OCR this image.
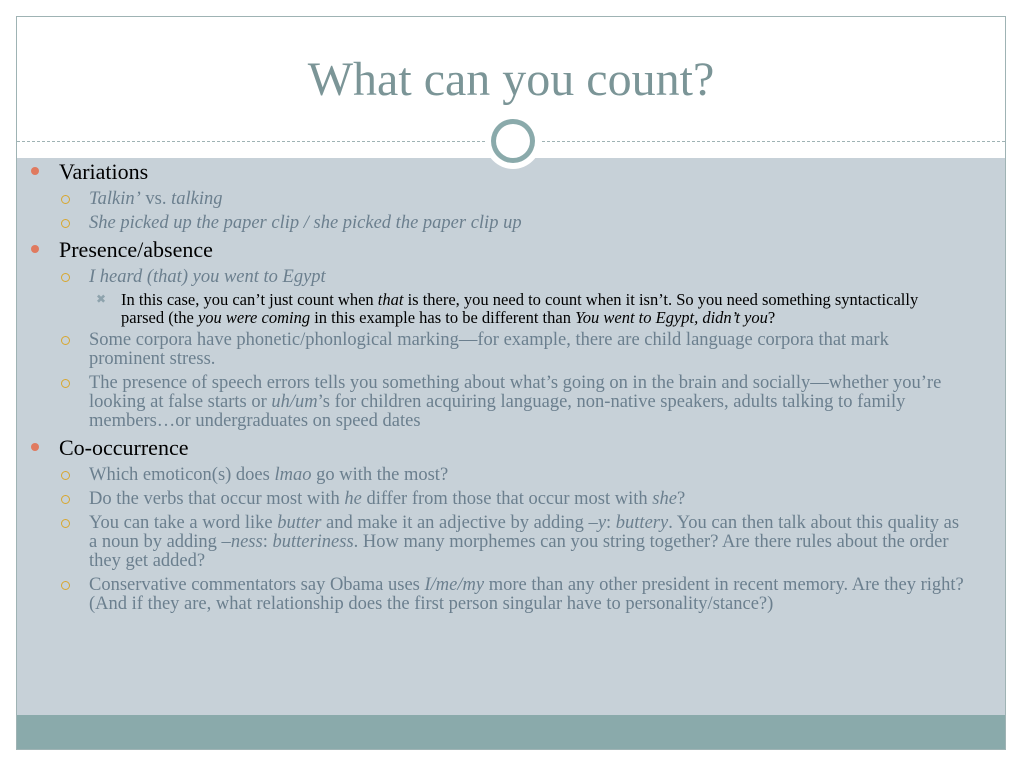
What can you count?
Variations
Talkin’ vs. talking
She picked up the paper clip / she picked the paper clip up
Presence/absence
I heard (that) you went to Egypt
✖ In this case, you can’t just count when that is there, you need to count when it isn’t. So you need something syntactically parsed (the you were coming in this example has to be different than You went to Egypt, didn’t you?
Some corpora have phonetic/phonlogical marking—for example, there are child language corpora that mark prominent stress.
The presence of speech errors tells you something about what’s going on in the brain and socially—whether you’re looking at false starts or uh/um’s for children acquiring language, non-native speakers, adults talking to family members…or undergraduates on speed dates
Co-occurrence
Which emoticon(s) does lmao go with the most?
Do the verbs that occur most with he differ from those that occur most with she?
You can take a word like butter and make it an adjective by adding –y: buttery. You can then talk about this quality as a noun by adding –ness: butteriness. How many morphemes can you string together? Are there rules about the order they get added?
Conservative commentators say Obama uses I/me/my more than any other president in recent memory. Are they right? (And if they are, what relationship does the first person singular have to personality/stance?)
